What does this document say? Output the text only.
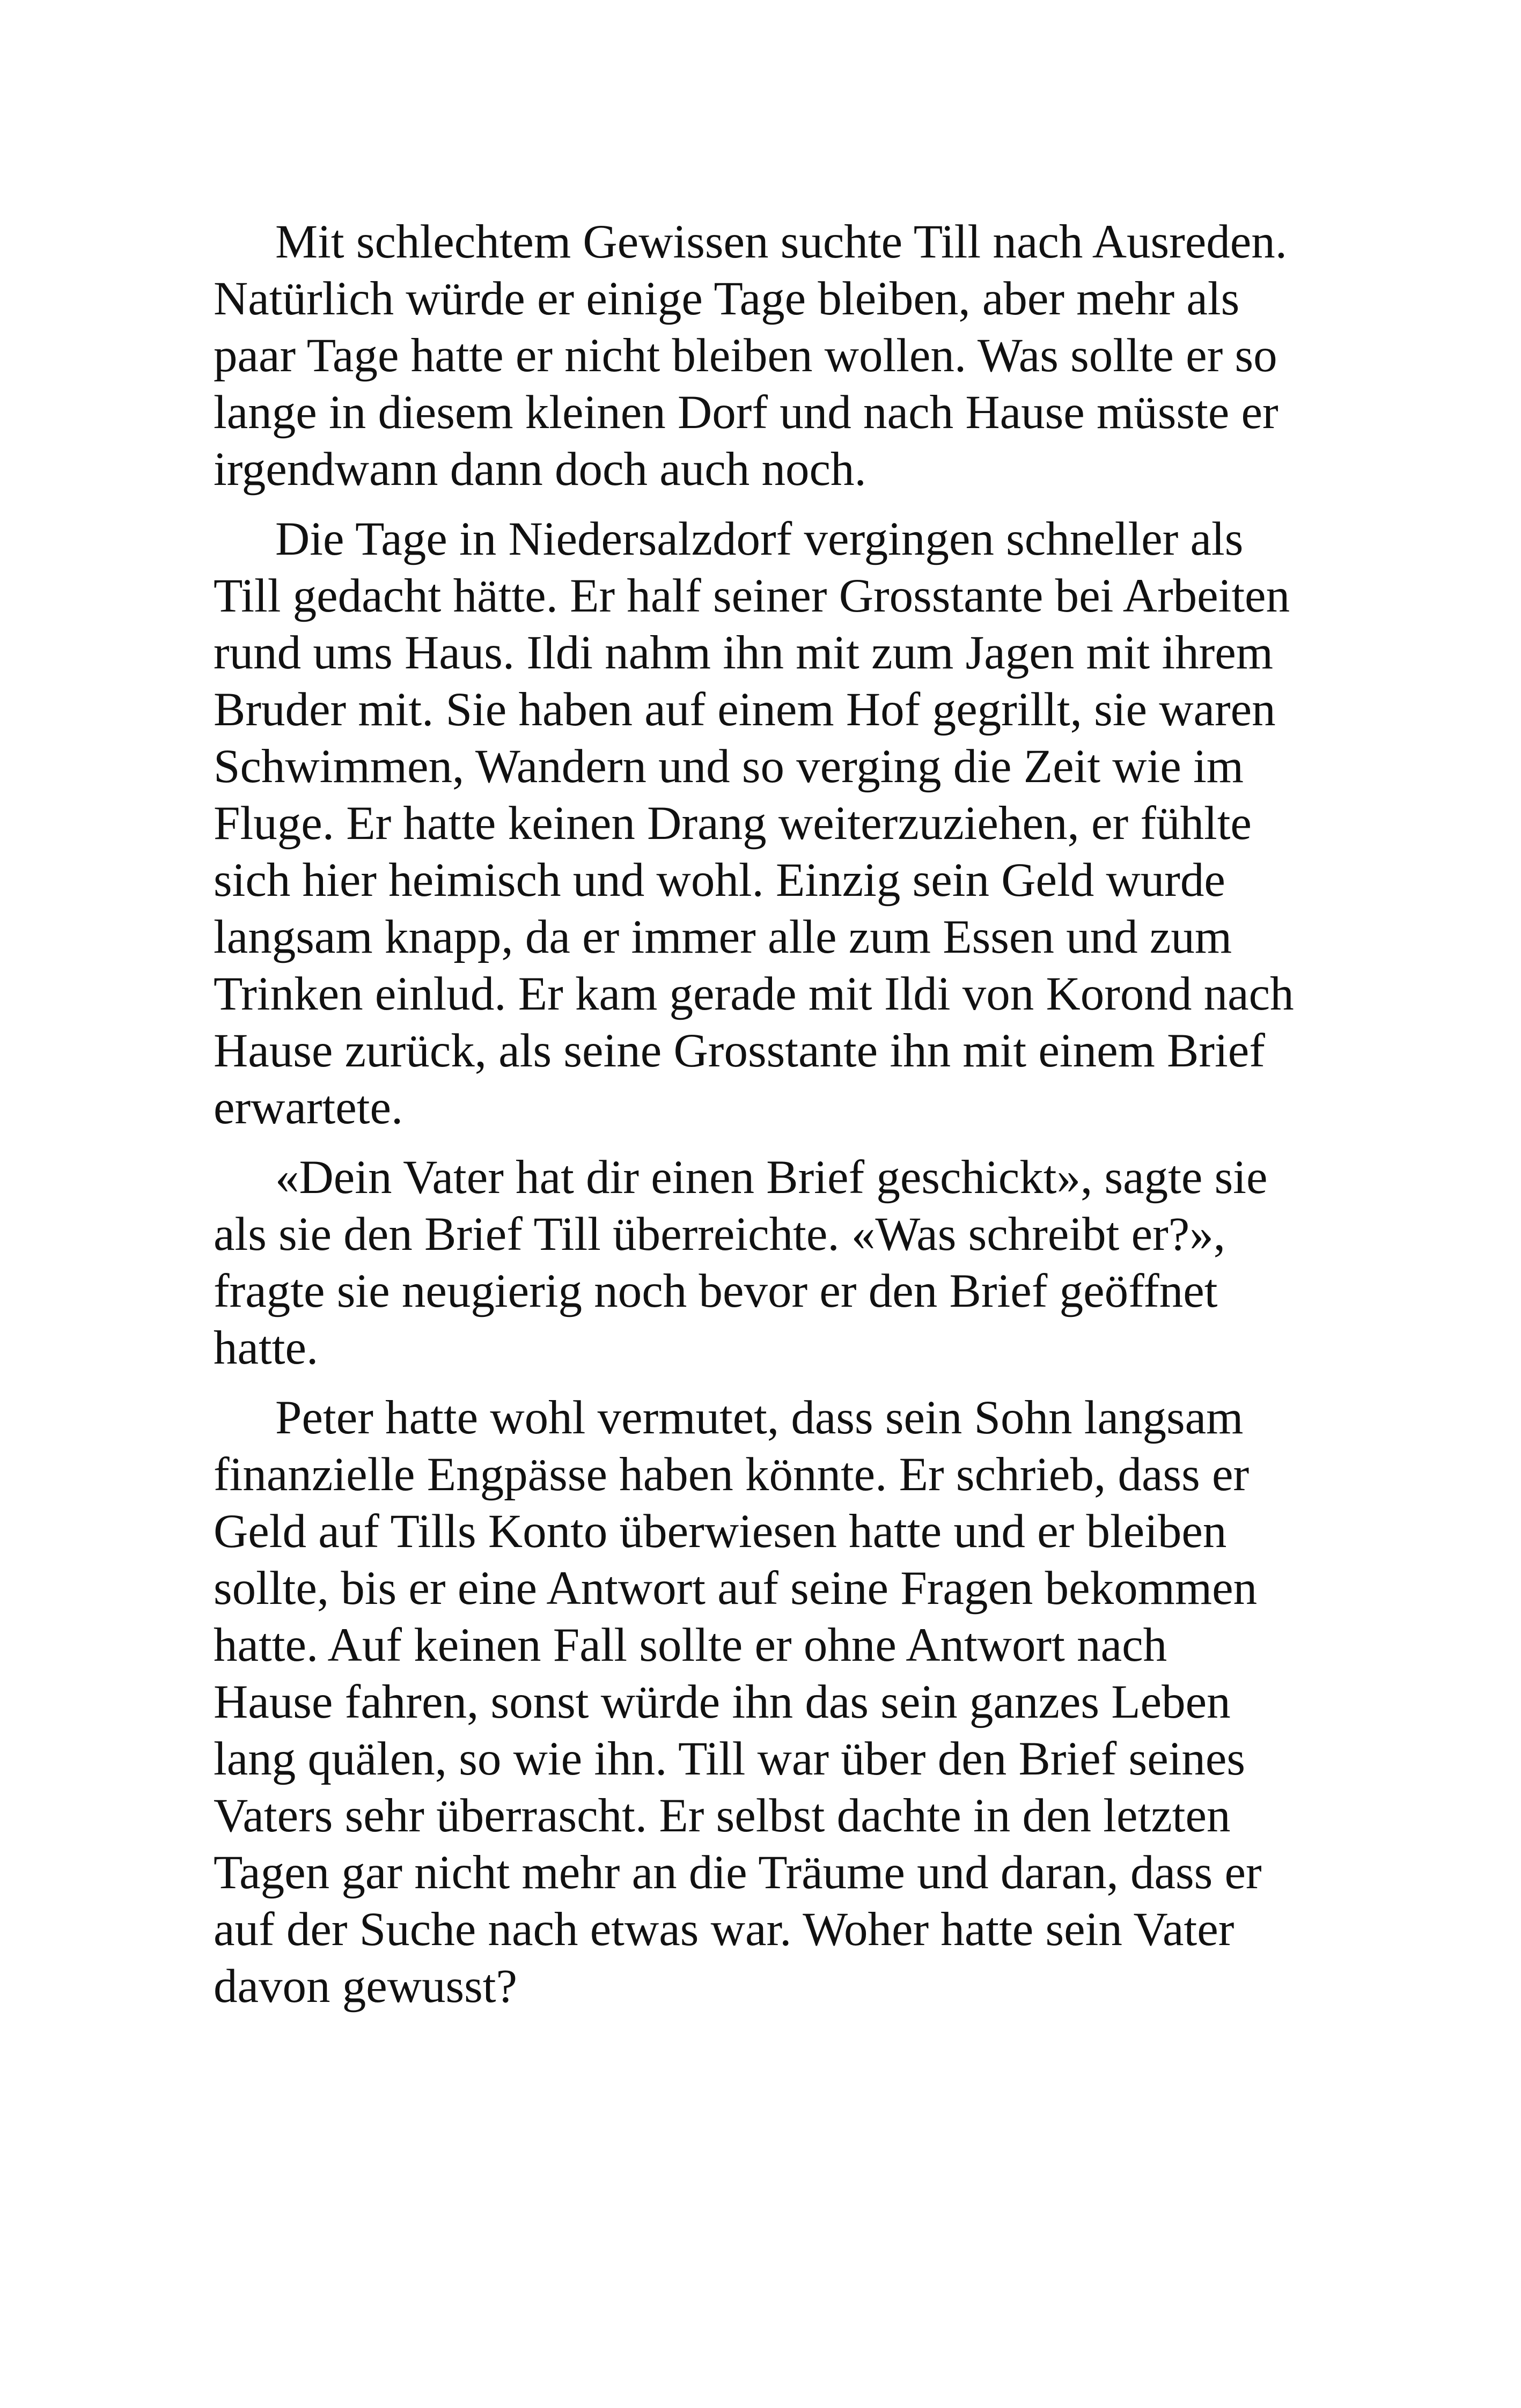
Mit schlechtem Gewissen suchte Till nach Ausreden.
Natürlich würde er einige Tage bleiben, aber mehr als
paar Tage hatte er nicht bleiben wollen. Was sollte er so
lange in diesem kleinen Dorf und nach Hause müsste er
irgendwann dann doch auch noch.

Die Tage in Niedersalzdorf vergingen schneller als
Till gedacht hätte. Er half seiner Grosstante bei Arbeiten
rund ums Haus. Ildi nahm ihn mit zum Jagen mit ihrem
Bruder mit. Sie haben auf einem Hof gegrillt, sie waren
Schwimmen, Wandern und so verging die Zeit wie im
Fluge. Er hatte keinen Drang weiterzuziehen, er fühlte
sich hier heimisch und wohl. Einzig sein Geld wurde
langsam knapp, da er immer alle zum Essen und zum
Trinken einlud. Er kam gerade mit Ildi von Korond nach
Hause zurück, als seine Grosstante ihn mit einem Brief
erwartete.

«Dein Vater hat dir einen Brief geschickt», sagte sie
als sie den Brief Till überreichte. «Was schreibt er?»,
fragte sie neugierig noch bevor er den Brief geöffnet
hatte.

Peter hatte wohl vermutet, dass sein Sohn langsam
finanzielle Engpässe haben könnte. Er schrieb, dass er
Geld auf Tills Konto überwiesen hatte und er bleiben
sollte, bis er eine Antwort auf seine Fragen bekommen
hatte. Auf keinen Fall sollte er ohne Antwort nach
Hause fahren, sonst würde ihn das sein ganzes Leben
lang quälen, so wie ihn. Till war über den Brief seines
Vaters sehr überrascht. Er selbst dachte in den letzten
Tagen gar nicht mehr an die Träume und daran, dass er
auf der Suche nach etwas war. Woher hatte sein Vater
davon gewusst?
